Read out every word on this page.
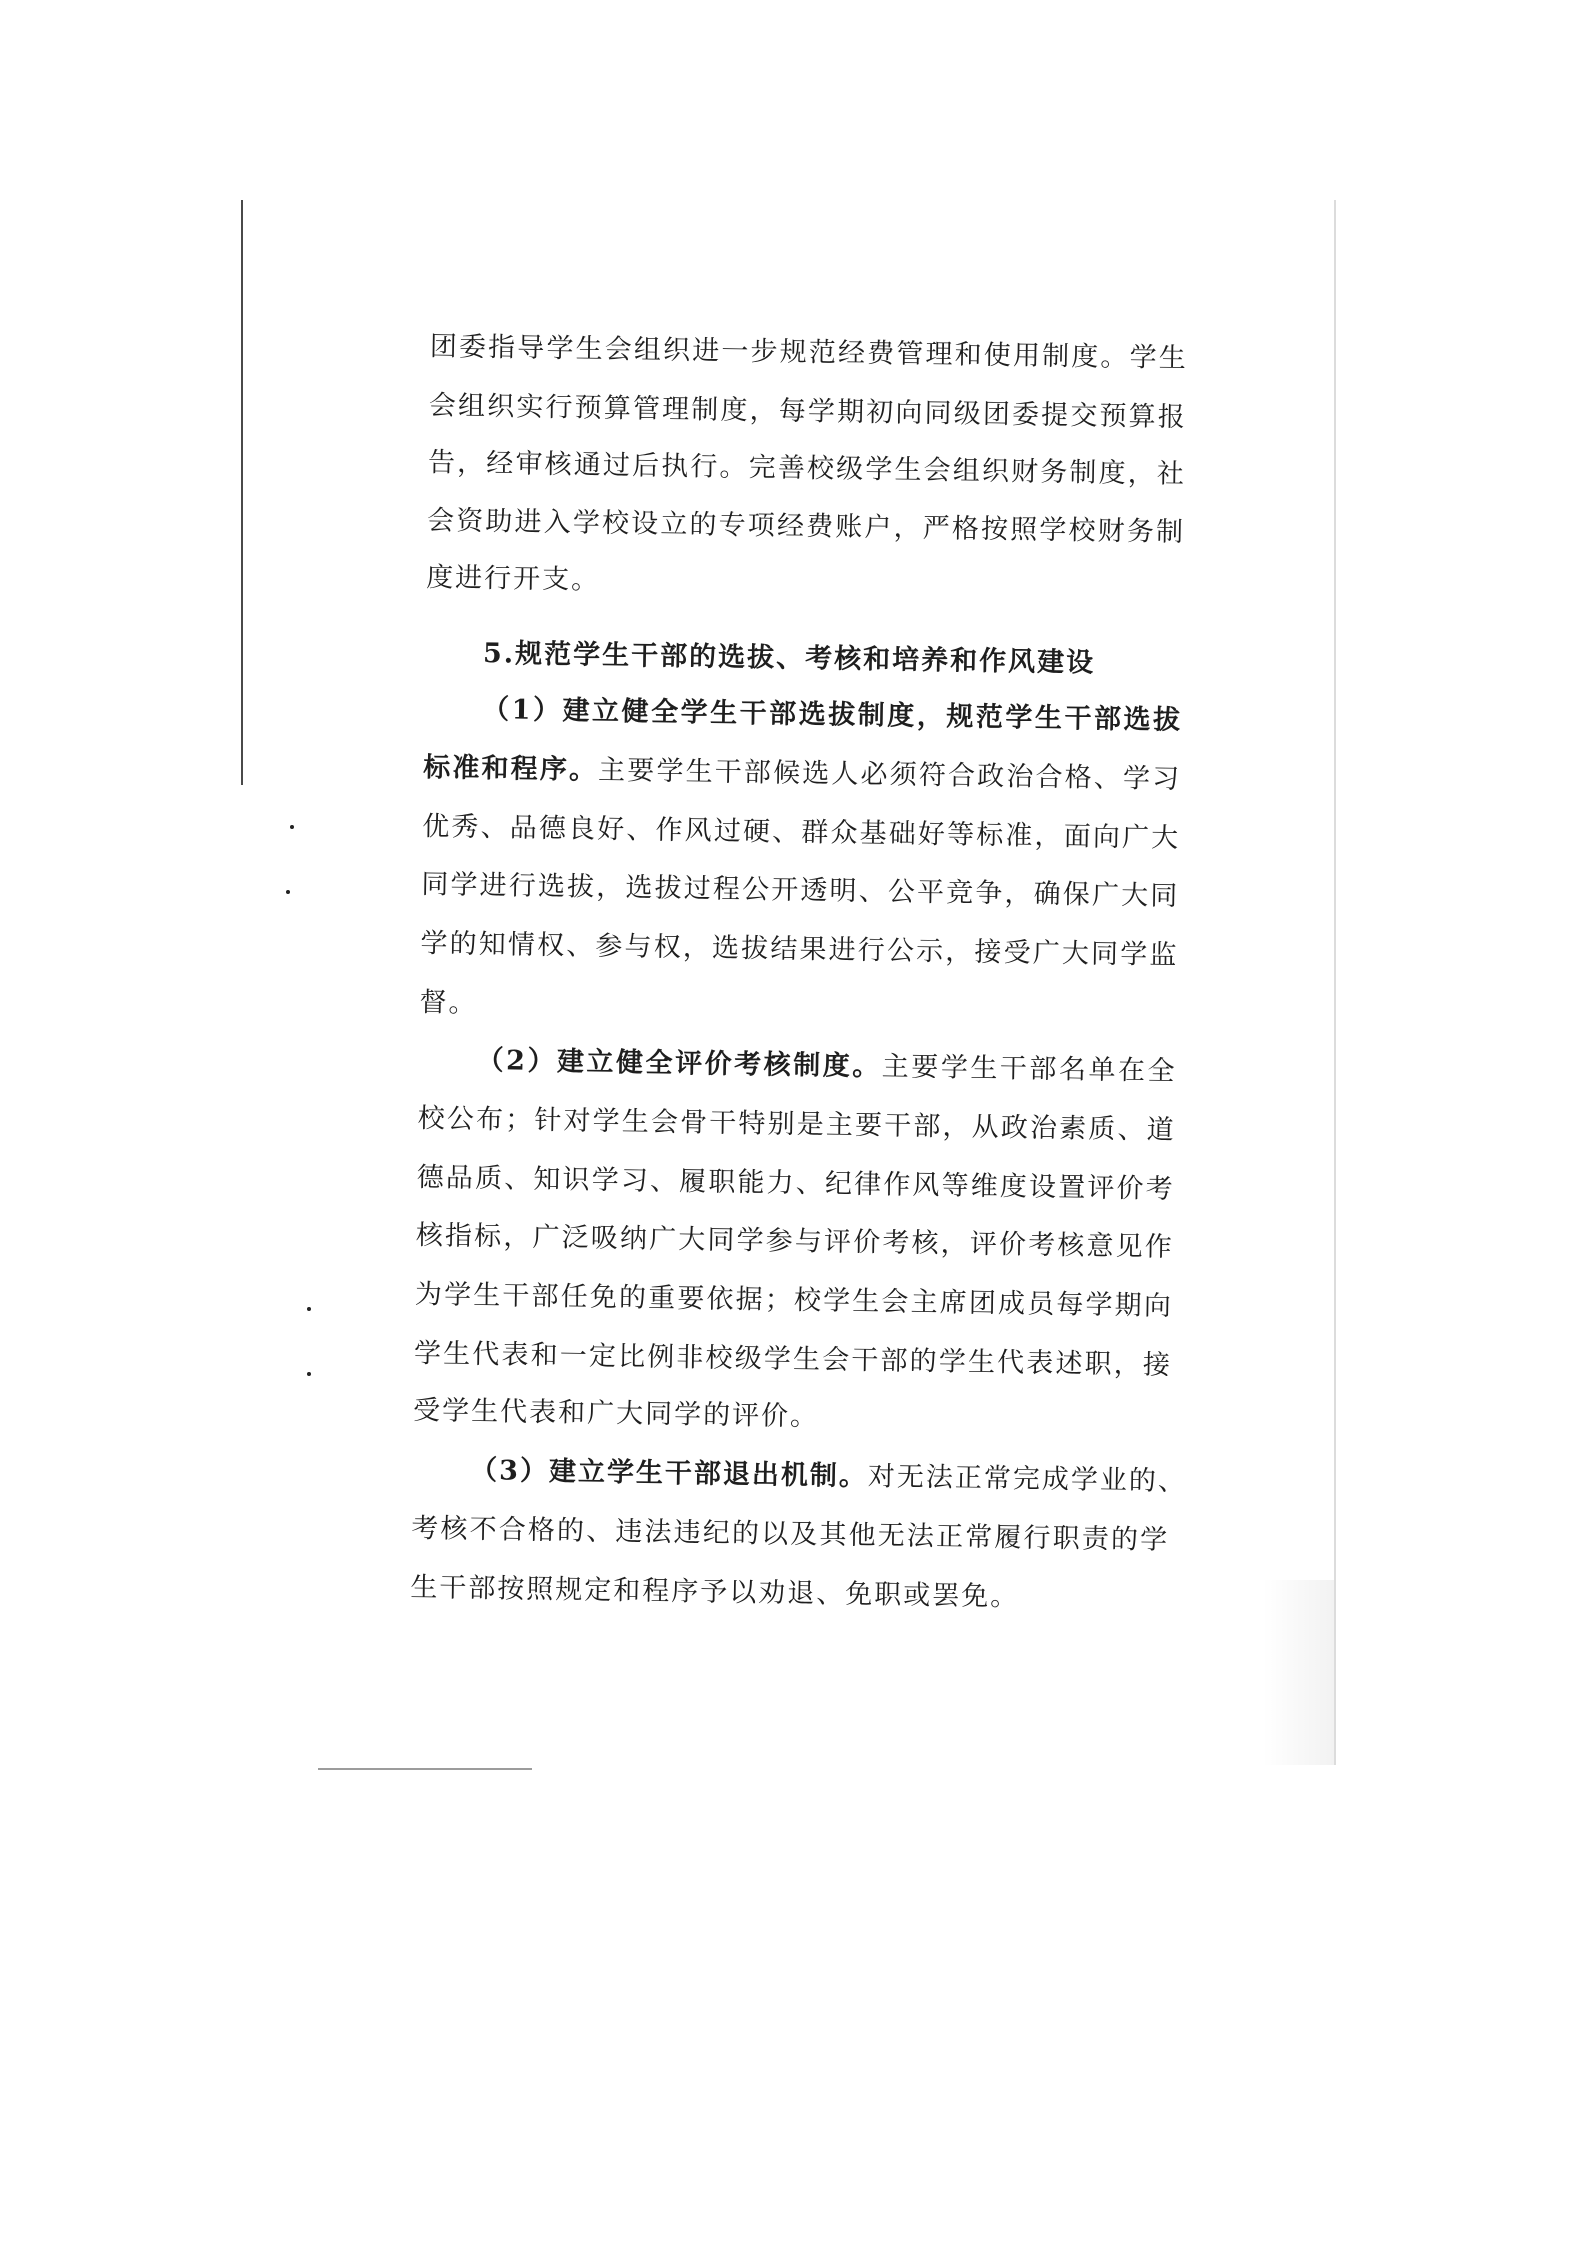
团委指导学生会组织进一步规范经费管理和使用制度。学生
会组织实行预算管理制度，每学期初向同级团委提交预算报
告，经审核通过后执行。完善校级学生会组织财务制度，社
会资助进入学校设立的专项经费账户，严格按照学校财务制
度进行开支。
5.规范学生干部的选拔、考核和培养和作风建设
（1）建立健全学生干部选拔制度，规范学生干部选拔
标准和程序。主要学生干部候选人必须符合政治合格、学习
优秀、品德良好、作风过硬、群众基础好等标准，面向广大
同学进行选拔，选拔过程公开透明、公平竞争，确保广大同
学的知情权、参与权，选拔结果进行公示，接受广大同学监
督。
（2）建立健全评价考核制度。主要学生干部名单在全
校公布；针对学生会骨干特别是主要干部，从政治素质、道
德品质、知识学习、履职能力、纪律作风等维度设置评价考
核指标，广泛吸纳广大同学参与评价考核，评价考核意见作
为学生干部任免的重要依据；校学生会主席团成员每学期向
学生代表和一定比例非校级学生会干部的学生代表述职，接
受学生代表和广大同学的评价。
（3）建立学生干部退出机制。对无法正常完成学业的、
考核不合格的、违法违纪的以及其他无法正常履行职责的学
生干部按照规定和程序予以劝退、免职或罢免。
